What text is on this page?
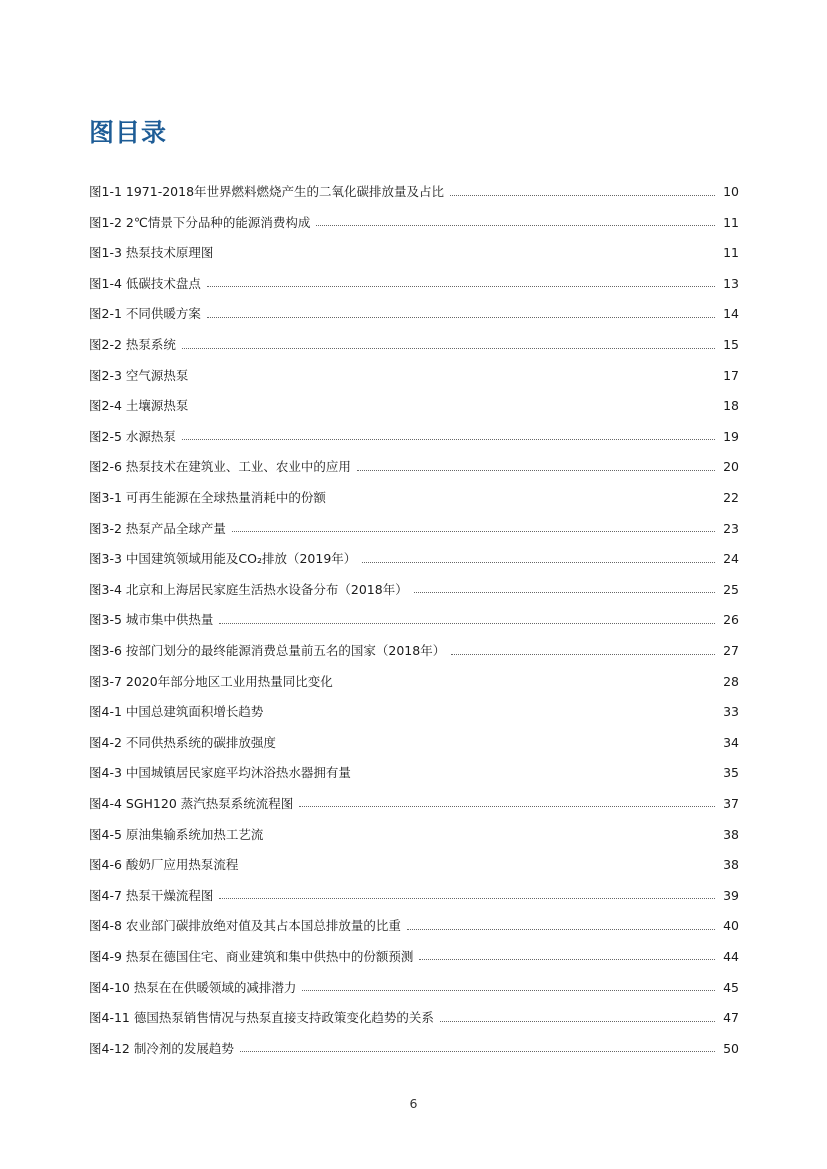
图目录
图1-1 1971-2018年世界燃料燃烧产生的二氧化碳排放量及占比	10
图1-2 2℃情景下分品种的能源消费构成	11
图1-3 热泵技术原理图	11
图1-4 低碳技术盘点	13
图2-1 不同供暖方案	14
图2-2 热泵系统	15
图2-3 空气源热泵	17
图2-4 土壤源热泵	18
图2-5 水源热泵	19
图2-6 热泵技术在建筑业、工业、农业中的应用	20
图3-1 可再生能源在全球热量消耗中的份额	22
图3-2 热泵产品全球产量	23
图3-3 中国建筑领域用能及CO₂排放（2019年）	24
图3-4 北京和上海居民家庭生活热水设备分布（2018年）	25
图3-5 城市集中供热量	26
图3-6 按部门划分的最终能源消费总量前五名的国家（2018年）	27
图3-7 2020年部分地区工业用热量同比变化	28
图4-1 中国总建筑面积增长趋势	33
图4-2 不同供热系统的碳排放强度	34
图4-3 中国城镇居民家庭平均沐浴热水器拥有量	35
图4-4 SGH120 蒸汽热泵系统流程图	37
图4-5 原油集输系统加热工艺流	38
图4-6 酸奶厂应用热泵流程	38
图4-7 热泵干燥流程图	39
图4-8 农业部门碳排放绝对值及其占本国总排放量的比重	40
图4-9 热泵在德国住宅、商业建筑和集中供热中的份额预测	44
图4-10 热泵在在供暖领域的减排潜力	45
图4-11 德国热泵销售情况与热泵直接支持政策变化趋势的关系	47
图4-12 制冷剂的发展趋势	50
6
